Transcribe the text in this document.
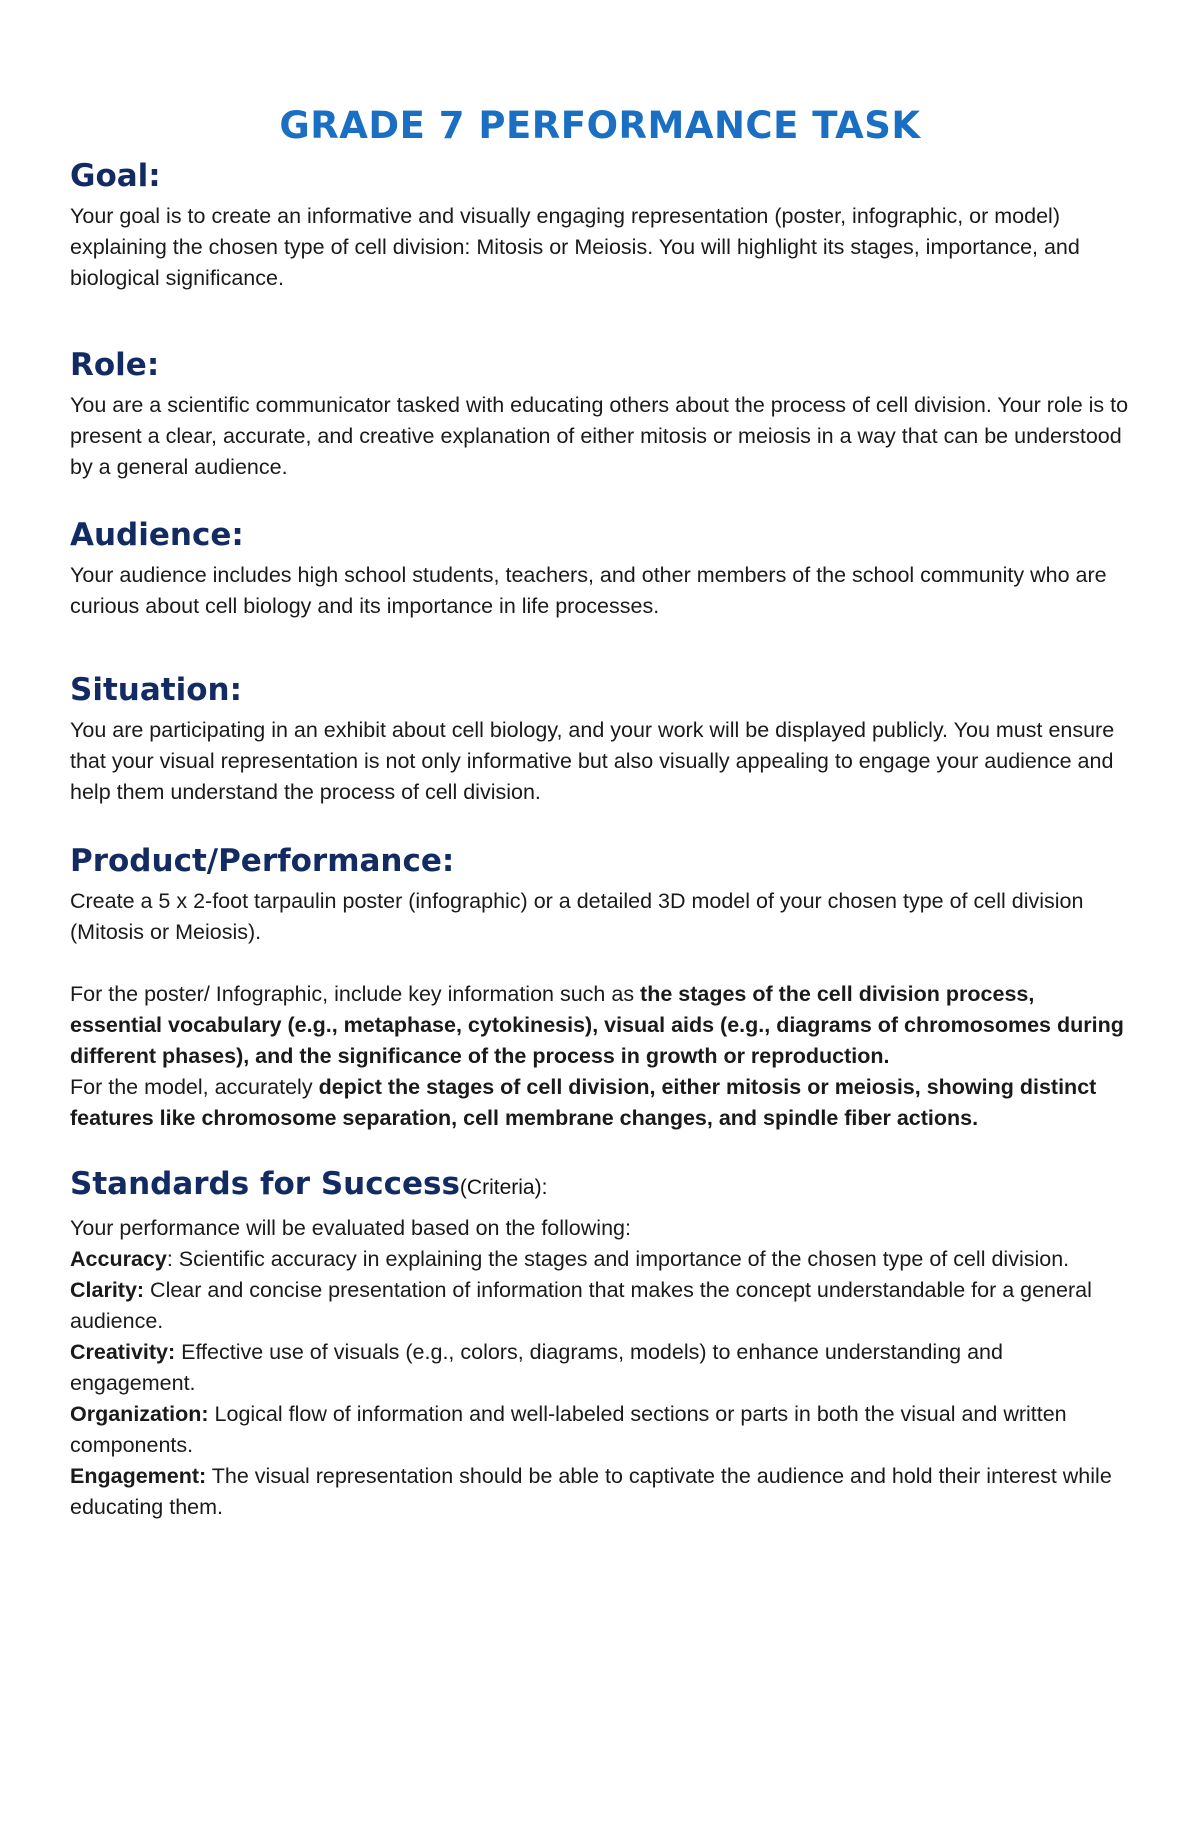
GRADE 7 PERFORMANCE TASK
Goal:

Your goal is to create an informative and visually engaging representation (poster, infographic, or model) explaining the chosen type of cell division: Mitosis or Meiosis. You will highlight its stages, importance, and biological significance.

Role:

You are a scientific communicator tasked with educating others about the process of cell division. Your role is to present a clear, accurate, and creative explanation of either mitosis or meiosis in a way that can be understood by a general audience.

Audience:

Your audience includes high school students, teachers, and other members of the school community who are curious about cell biology and its importance in life processes.

Situation:

You are participating in an exhibit about cell biology, and your work will be displayed publicly. You must ensure that your visual representation is not only informative but also visually appealing to engage your audience and help them understand the process of cell division.

Product/Performance:

Create a 5 x 2-foot tarpaulin poster (infographic) or a detailed 3D model of your chosen type of cell division (Mitosis or Meiosis).

For the poster/ Infographic, include key information such as the stages of the cell division process, essential vocabulary (e.g., metaphase, cytokinesis), visual aids (e.g., diagrams of chromosomes during different phases), and the significance of the process in growth or reproduction.

For the model, accurately depict the stages of cell division, either mitosis or meiosis, showing distinct features like chromosome separation, cell membrane changes, and spindle fiber actions.

Standards for Success(Criteria):

Your performance will be evaluated based on the following:

Accuracy: Scientific accuracy in explaining the stages and importance of the chosen type of cell division.

Clarity: Clear and concise presentation of information that makes the concept understandable for a general audience.

Creativity: Effective use of visuals (e.g., colors, diagrams, models) to enhance understanding and engagement.

Organization: Logical flow of information and well-labeled sections or parts in both the visual and written components.

Engagement: The visual representation should be able to captivate the audience and hold their interest while educating them.
